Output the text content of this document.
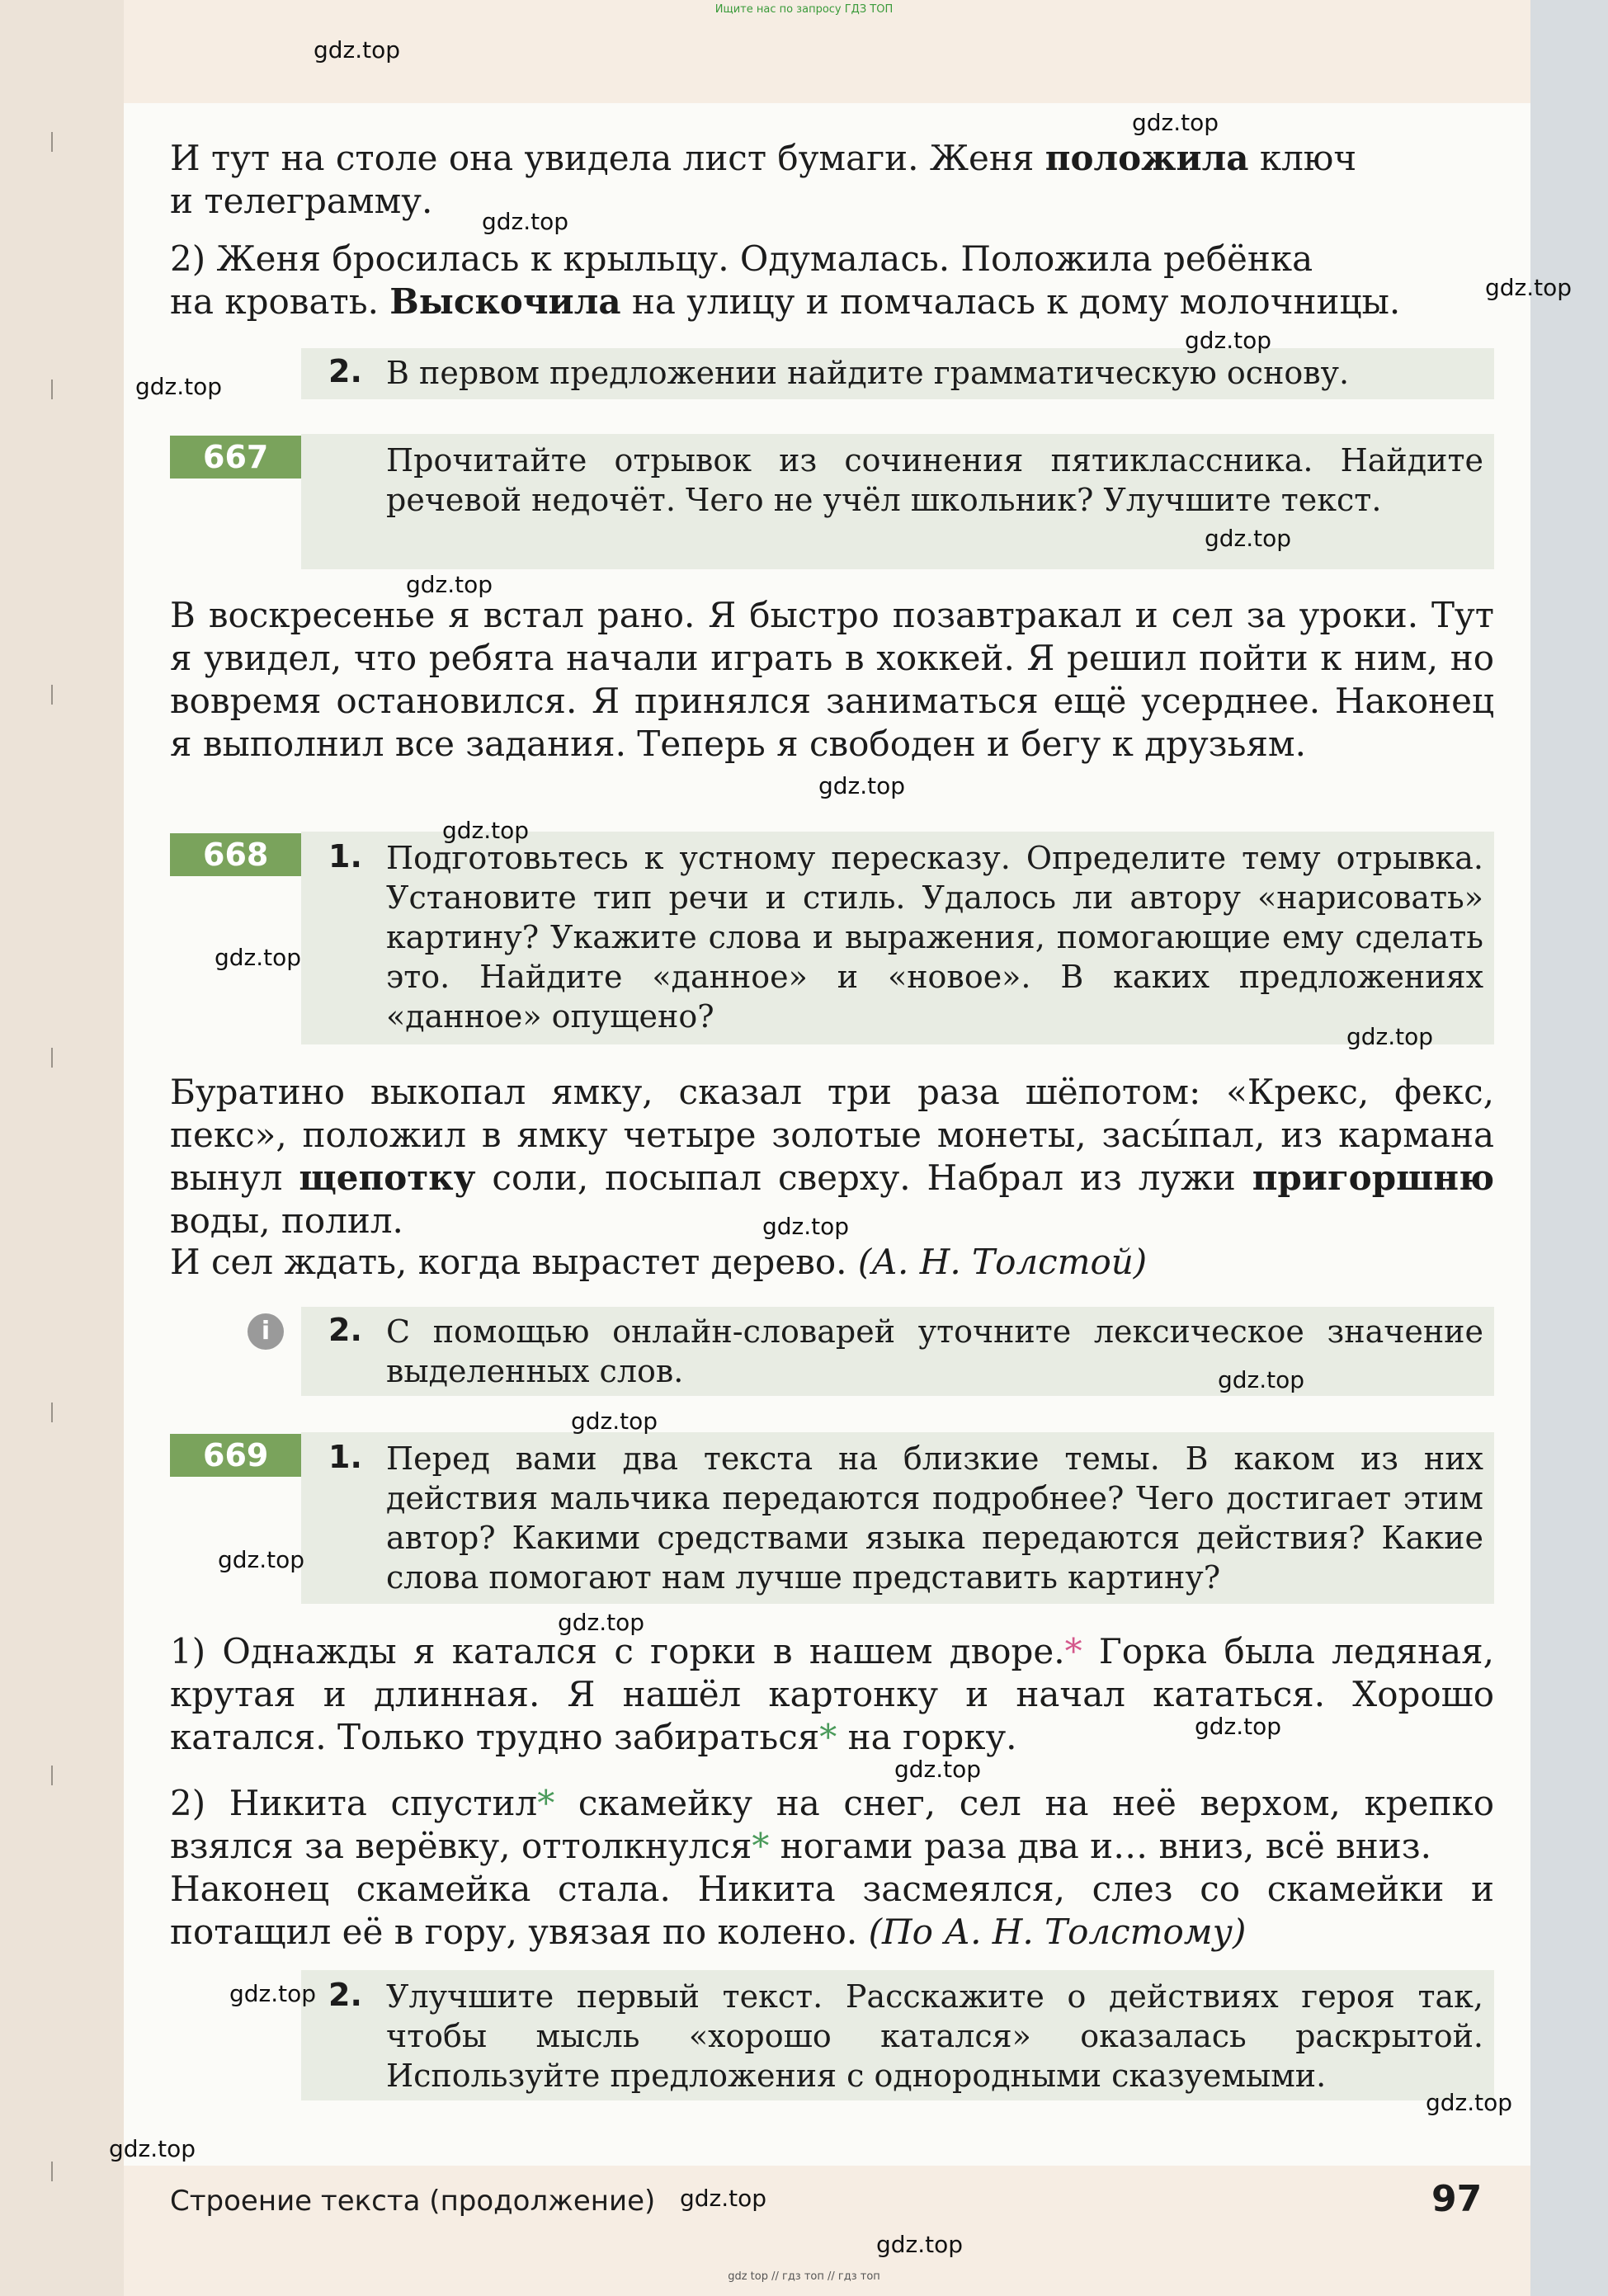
Ищите нас по запросу ГДЗ ТОП
И тут на столе она увидела лист бумаги. Женя положила ключ
и телеграмму.
2) Женя бросилась к крыльцу. Одумалась. Положила ребёнка
на кровать. Выскочила на улицу и помчалась к дому молочницы.
2. В первом предложении найдите грамматическую основу.
667	Прочитайте отрывок из сочинения пятиклассника. Найдите речевой недочёт. Чего не учёл школьник? Улучшите текст.
В воскресенье я встал рано. Я быстро позавтракал и сел за уроки. Тут я увидел, что ребята начали играть в хоккей. Я решил пойти к ним, но вовремя остановился. Я принялся заниматься ещё усерднее. Наконец я выполнил все задания. Теперь я свободен и бегу к друзьям.
668	1. Подготовьтесь к устному пересказу. Определите тему отрывка. Установите тип речи и стиль. Удалось ли автору «нарисовать» картину? Укажите слова и выражения, помогающие ему сделать это. Найдите «данное» и «новое». В каких предложениях «данное» опущено?
Буратино выкопал ямку, сказал три раза шёпотом: «Крекс, фекс, пекс», положил в ямку четыре золотые монеты, засы́пал, из кармана вынул щепотку соли, посыпал сверху. Набрал из лужи пригоршню воды, полил.
И сел ждать, когда вырастет дерево. (А. Н. Толстой)
i	2. С помощью онлайн-словарей уточните лексическое значение выделенных слов.
669	1. Перед вами два текста на близкие темы. В каком из них действия мальчика передаются подробнее? Чего достигает этим автор? Какими средствами языка передаются действия? Какие слова помогают нам лучше представить картину?
1) Однажды я катался с горки в нашем дворе.* Горка была ледяная, крутая и длинная. Я нашёл картонку и начал кататься. Хорошо катался. Только трудно забираться* на горку.
2) Никита спустил* скамейку на снег, сел на неё верхом, крепко взялся за верёвку, оттолкнулся* ногами раза два и… вниз, всё вниз.
Наконец скамейка стала. Никита засмеялся, слез со скамейки и потащил её в гору, увязая по колено. (По А. Н. Толстому)
2. Улучшите первый текст. Расскажите о действиях героя так, чтобы мысль «хорошо катался» оказалась раскрытой. Используйте предложения с однородными сказуемыми.
Строение текста (продолжение)	97
gdz top // гдз топ // гдз топ
gdz.top
gdz.top
gdz.top
gdz.top
gdz.top
gdz.top
gdz.top
gdz.top
gdz.top
gdz.top
gdz.top
gdz.top
gdz.top
gdz.top
gdz.top
gdz.top
gdz.top
gdz.top
gdz.top
gdz.top
gdz.top
gdz.top
gdz.top
gdz.top
